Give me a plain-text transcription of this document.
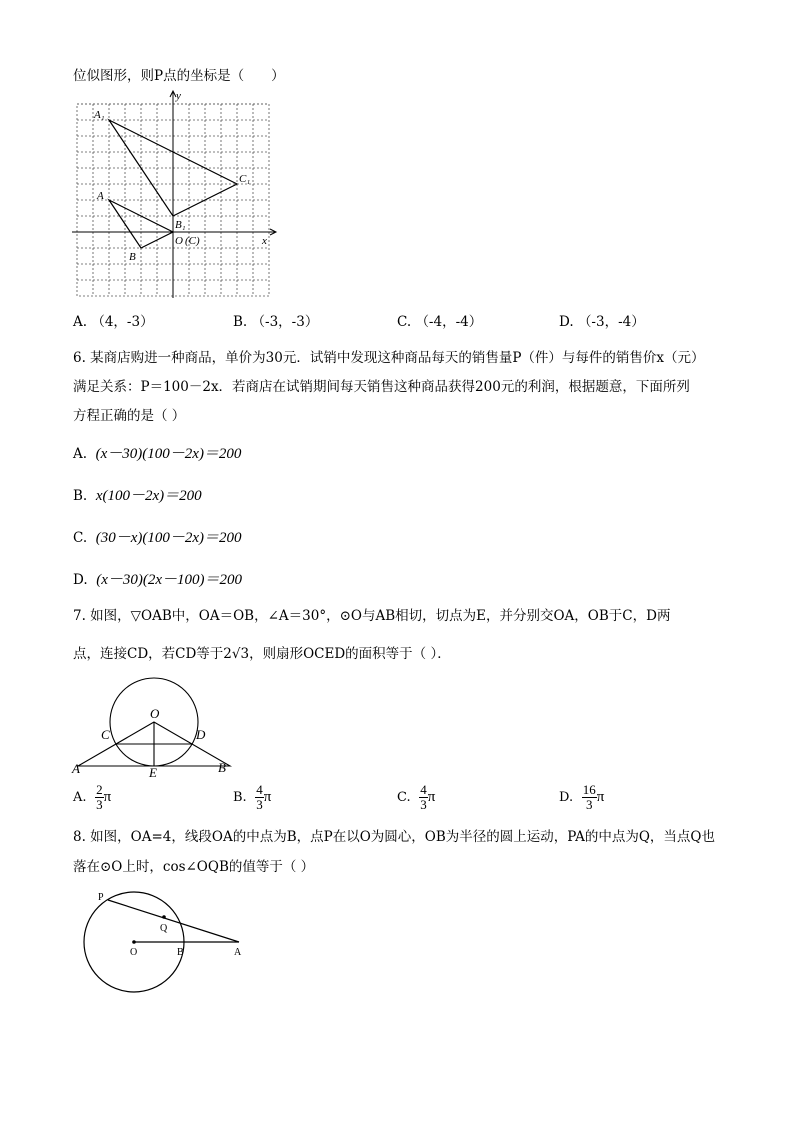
位似图形，则P点的坐标是（　　）
y
x
A₁
C₁
A
B₁
B
O (C)
A. （4，-3）	B. （-3，-3）	C. （-4，-4）	D. （-3，-4）
6. 某商店购进一种商品，单价为30元．试销中发现这种商品每天的销售量P（件）与每件的销售价x（元）
满足关系：P＝100－2x．若商店在试销期间每天销售这种商品获得200元的利润，根据题意，下面所列
方程正确的是（ ）
A. (x－30)(100－2x)＝200
B. x(100－2x)＝200
C. (30－x)(100－2x)＝200
D. (x－30)(2x－100)＝200
7. 如图，▽OAB中，OA＝OB，∠A＝30°，⊙O与AB相切，切点为E，并分别交OA，OB于C，D两
点，连接CD，若CD等于2√3，则扇形OCED的面积等于（ ）．
O
C	D
A	E	B
A. $\frac{2}{3}$ π	B. $\frac{4}{3}$ π	C. $\frac{4}{3}$ π	D. $\frac{16}{3}$ π
8. 如图，OA=4，线段OA的中点为B，点P在以O为圆心，OB为半径的圆上运动，PA的中点为Q，当点Q也
落在⊙O上时，cos∠OQB的值等于（ ）
P
Q
O	B	A
